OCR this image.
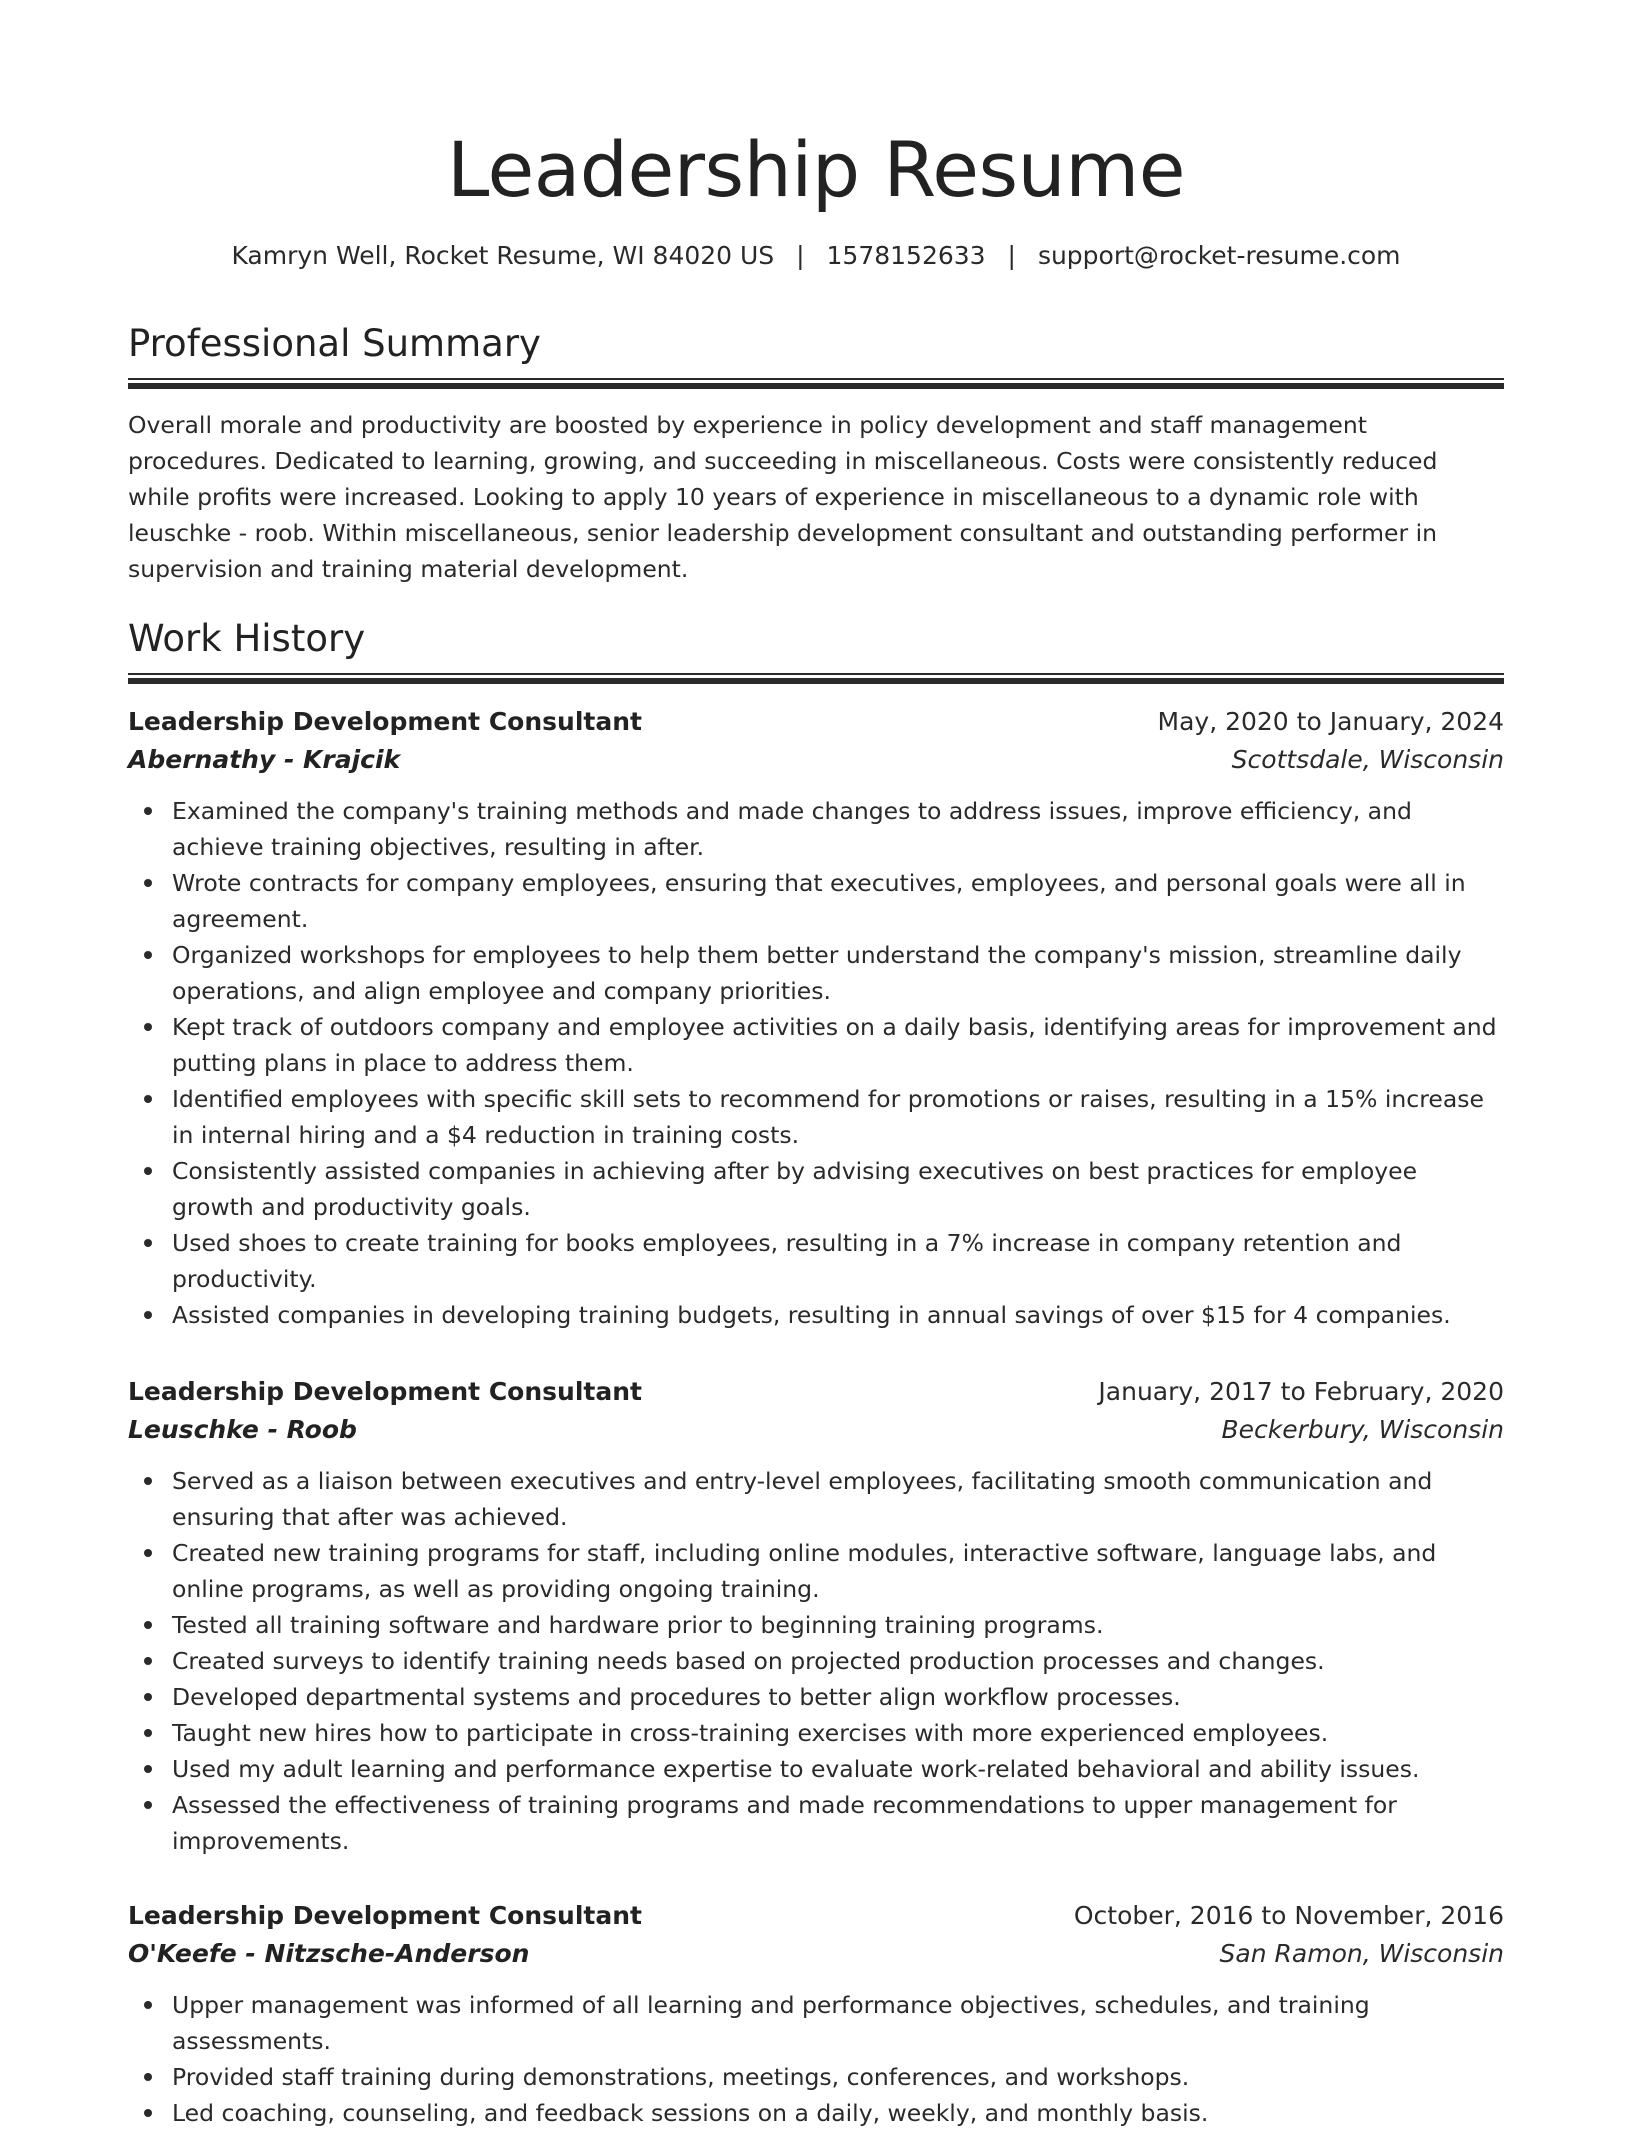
Leadership Resume
Kamryn Well, Rocket Resume, WI 84020 US | 1578152633 | support@rocket-resume.com
Professional Summary

Overall morale and productivity are boosted by experience in policy development and staff management procedures. Dedicated to learning, growing, and succeeding in miscellaneous. Costs were consistently reduced while profits were increased. Looking to apply 10 years of experience in miscellaneous to a dynamic role with leuschke - roob. Within miscellaneous, senior leadership development consultant and outstanding performer in supervision and training material development.

Work History
Leadership Development Consultant	May, 2020 to January, 2024
Abernathy - Krajcik	Scottsdale, Wisconsin
Examined the company's training methods and made changes to address issues, improve efficiency, and achieve training objectives, resulting in after.
Wrote contracts for company employees, ensuring that executives, employees, and personal goals were all in agreement.
Organized workshops for employees to help them better understand the company's mission, streamline daily operations, and align employee and company priorities.
Kept track of outdoors company and employee activities on a daily basis, identifying areas for improvement and putting plans in place to address them.
Identified employees with specific skill sets to recommend for promotions or raises, resulting in a 15% increase in internal hiring and a $4 reduction in training costs.
Consistently assisted companies in achieving after by advising executives on best practices for employee growth and productivity goals.
Used shoes to create training for books employees, resulting in a 7% increase in company retention and productivity.
Assisted companies in developing training budgets, resulting in annual savings of over $15 for 4 companies.
Leadership Development Consultant	January, 2017 to February, 2020
Leuschke - Roob	Beckerbury, Wisconsin
Served as a liaison between executives and entry-level employees, facilitating smooth communication and ensuring that after was achieved.
Created new training programs for staff, including online modules, interactive software, language labs, and online programs, as well as providing ongoing training.
Tested all training software and hardware prior to beginning training programs.
Created surveys to identify training needs based on projected production processes and changes.
Developed departmental systems and procedures to better align workflow processes.
Taught new hires how to participate in cross-training exercises with more experienced employees.
Used my adult learning and performance expertise to evaluate work-related behavioral and ability issues.
Assessed the effectiveness of training programs and made recommendations to upper management for improvements.
Leadership Development Consultant	October, 2016 to November, 2016
O'Keefe - Nitzsche-Anderson	San Ramon, Wisconsin
Upper management was informed of all learning and performance objectives, schedules, and training assessments.
Provided staff training during demonstrations, meetings, conferences, and workshops.
Led coaching, counseling, and feedback sessions on a daily, weekly, and monthly basis.
